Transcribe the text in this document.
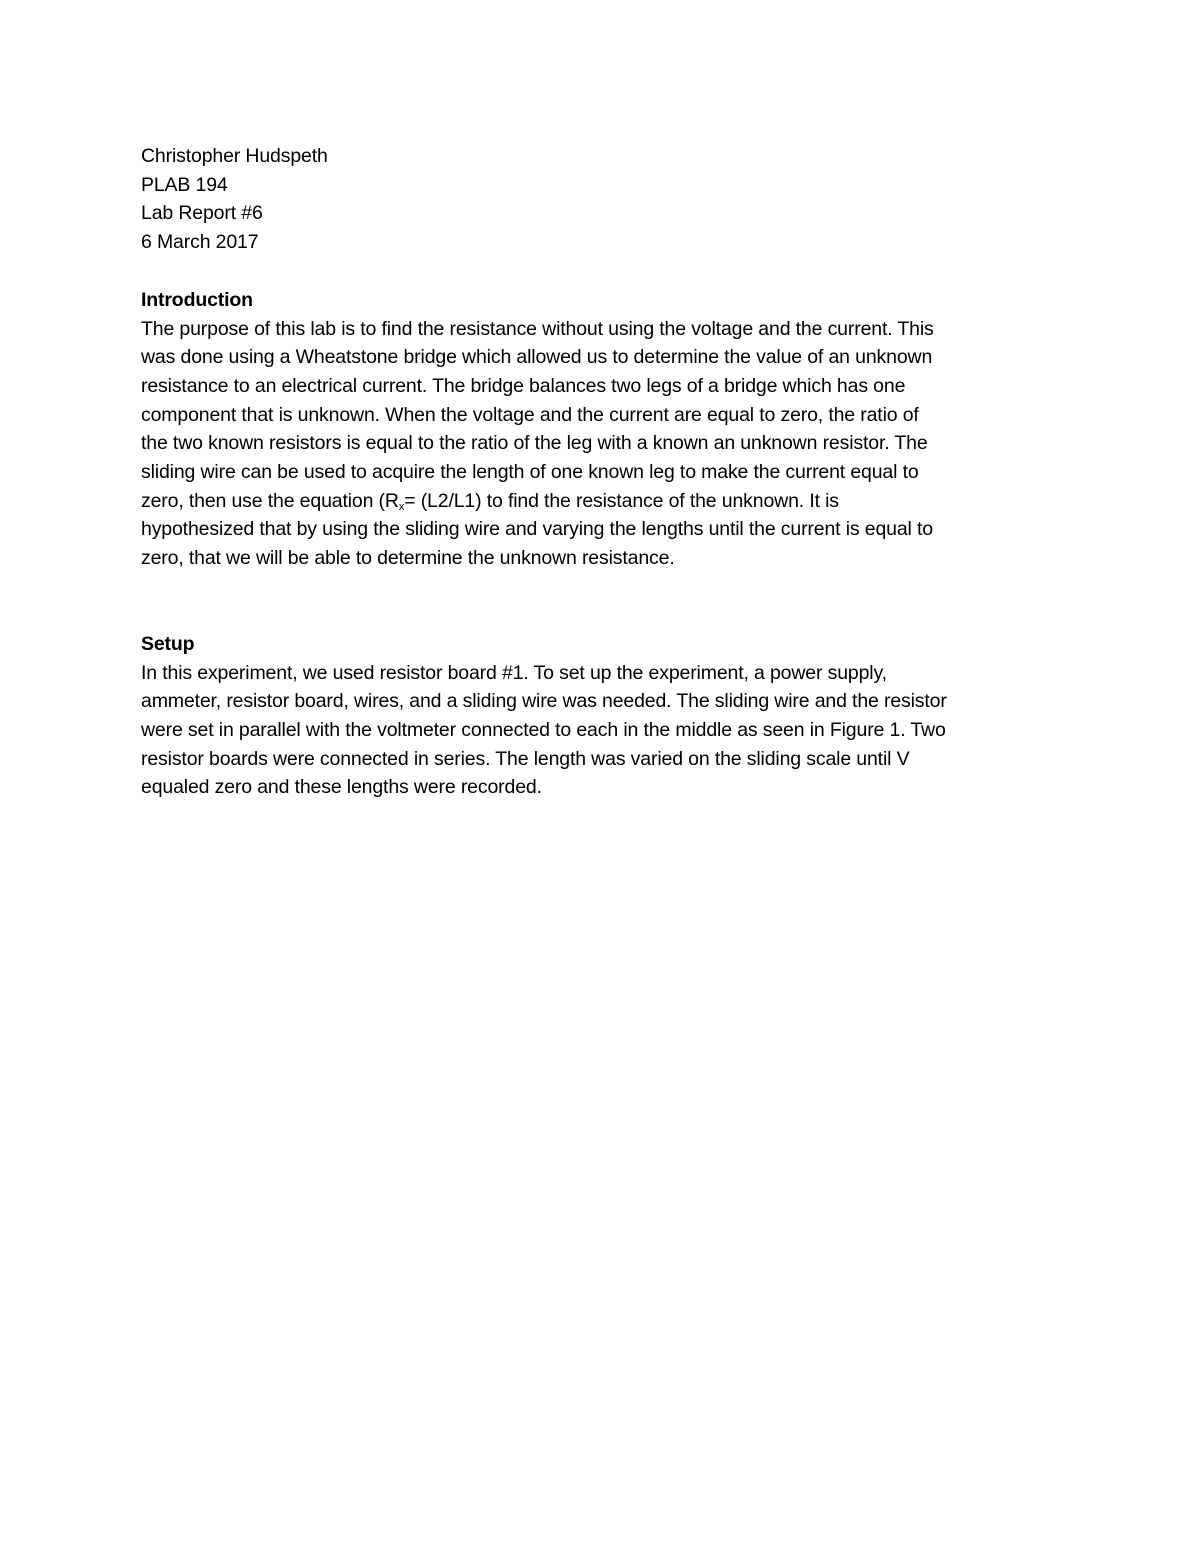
Christopher Hudspeth
PLAB 194
Lab Report #6
6 March 2017
Introduction
The purpose of this lab is to find the resistance without using the voltage and the current. This
was done using a Wheatstone bridge which allowed us to determine the value of an unknown
resistance to an electrical current. The bridge balances two legs of a bridge which has one
component that is unknown. When the voltage and the current are equal to zero, the ratio of
the two known resistors is equal to the ratio of the leg with a known an unknown resistor. The
sliding wire can be used to acquire the length of one known leg to make the current equal to
zero, then use the equation ($R_x= (L2/L1)$ to find the resistance of the unknown. It is
hypothesized that by using the sliding wire and varying the lengths until the current is equal to
zero, that we will be able to determine the unknown resistance.
Setup
In this experiment, we used resistor board #1. To set up the experiment, a power supply,
ammeter, resistor board, wires, and a sliding wire was needed. The sliding wire and the resistor
were set in parallel with the voltmeter connected to each in the middle as seen in Figure 1. Two
resistor boards were connected in series. The length was varied on the sliding scale until V
equaled zero and these lengths were recorded.
